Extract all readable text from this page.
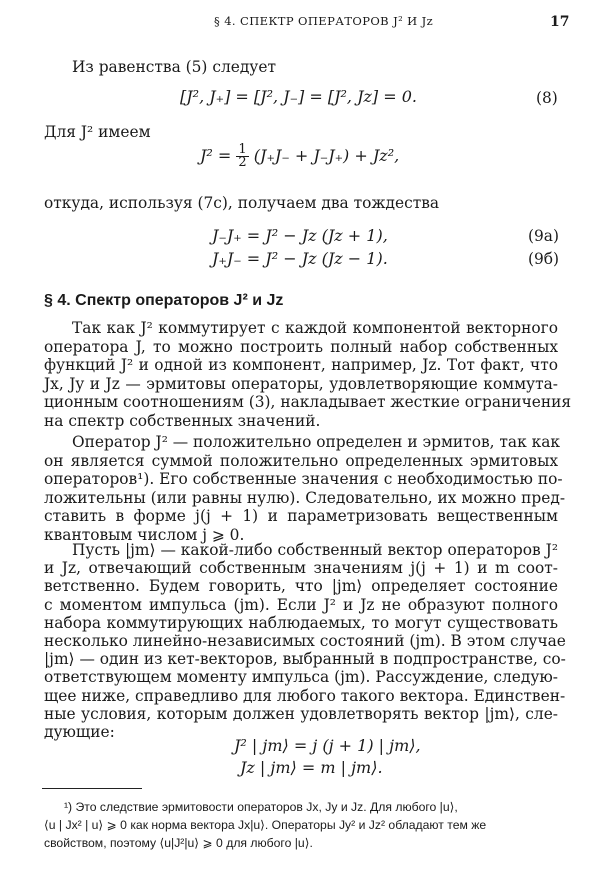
§ 4. СПЕКТР ОПЕРАТОРОВ J² И Jz	17
Из равенства (5) следует
[J², J₊] = [J², J₋] = [J², Jz] = 0.	(8)
Для J² имеем
$J^2 = \frac{1}{2} (J_+J_- + J_-J_+) + Jz^2$,
откуда, используя (7c), получаем два тождества
J₋J₊ = J² − Jz (Jz + 1),	(9а)
J₊J₋ = J² − Jz (Jz − 1).	(9б)
§ 4. Спектр операторов J² и Jz
Так как J² коммутирует с каждой компонентой векторного
оператора J, то можно построить полный набор собственных
функций J² и одной из компонент, например, Jz. Тот факт, что
Jx, Jy и Jz — эрмитовы операторы, удовлетворяющие коммута-
ционным соотношениям (3), накладывает жесткие ограничения
на спектр собственных значений.
Оператор J² — положительно определен и эрмитов, так как
он является суммой положительно определенных эрмитовых
операторов¹). Его собственные значения с необходимостью по-
ложительны (или равны нулю). Следовательно, их можно пред-
ставить в форме j(j + 1) и параметризовать вещественным
квантовым числом j ⩾ 0.
Пусть |jm⟩ — какой-либо собственный вектор операторов J²
и Jz, отвечающий собственным значениям j(j + 1) и m соот-
ветственно. Будем говорить, что |jm⟩ определяет состояние
с моментом импульса (jm). Если J² и Jz не образуют полного
набора коммутирующих наблюдаемых, то могут существовать
несколько линейно-независимых состояний (jm). В этом случае
|jm⟩ — один из кет-векторов, выбранный в подпространстве, со-
ответствующем моменту импульса (jm). Рассуждение, следую-
щее ниже, справедливо для любого такого вектора. Единствен-
ные условия, которым должен удовлетворять вектор |jm⟩, сле-
дующие:
J² | jm⟩ = j (j + 1) | jm⟩,
Jz | jm⟩ = m | jm⟩.
¹) Это следствие эрмитовости операторов Jx, Jy и Jz. Для любого |u⟩,
⟨u | Jx² | u⟩ ⩾ 0 как норма вектора Jx|u⟩. Операторы Jy² и Jz² обладают тем же
свойством, поэтому ⟨u|J²|u⟩ ⩾ 0 для любого |u⟩.
